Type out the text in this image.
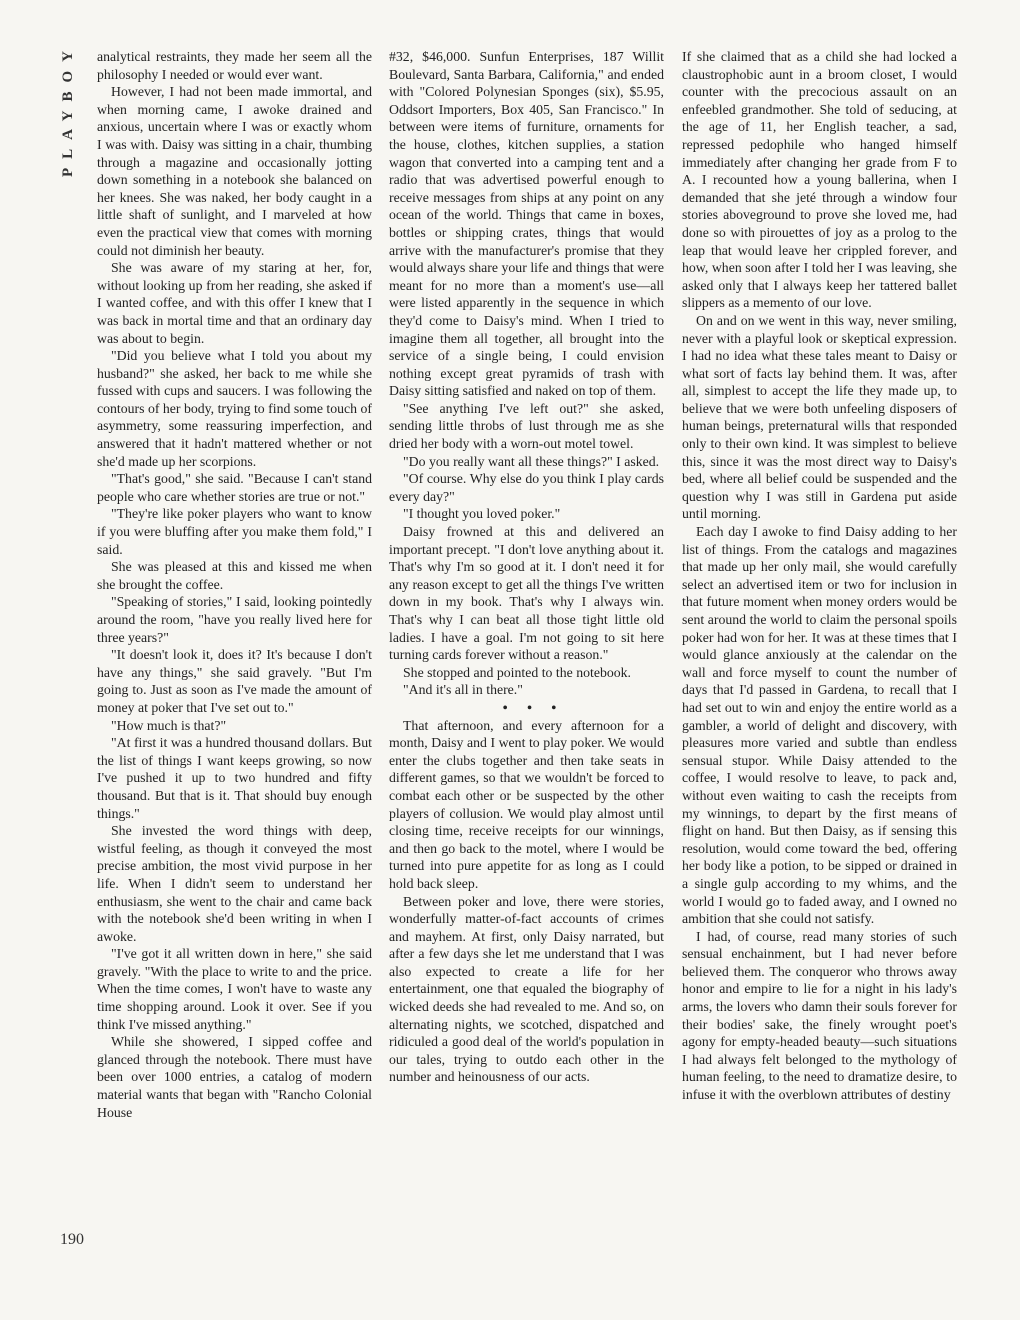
PLAYBOY
190

analytical restraints, they made her seem all the philosophy I needed or would ever want.

However, I had not been made immortal, and when morning came, I awoke drained and anxious, uncertain where I was or exactly whom I was with. Daisy was sitting in a chair, thumbing through a magazine and occasionally jotting down something in a notebook she balanced on her knees. She was naked, her body caught in a little shaft of sunlight, and I marveled at how even the practical view that comes with morning could not diminish her beauty.

She was aware of my staring at her, for, without looking up from her reading, she asked if I wanted coffee, and with this offer I knew that I was back in mortal time and that an ordinary day was about to begin.

"Did you believe what I told you about my husband?" she asked, her back to me while she fussed with cups and saucers. I was following the contours of her body, trying to find some touch of asymmetry, some reassuring imperfection, and answered that it hadn't mattered whether or not she'd made up her scorpions.

"That's good," she said. "Because I can't stand people who care whether stories are true or not."

"They're like poker players who want to know if you were bluffing after you make them fold," I said.

She was pleased at this and kissed me when she brought the coffee.

"Speaking of stories," I said, looking pointedly around the room, "have you really lived here for three years?"

"It doesn't look it, does it? It's because I don't have any things," she said gravely. "But I'm going to. Just as soon as I've made the amount of money at poker that I've set out to."

"How much is that?"

"At first it was a hundred thousand dollars. But the list of things I want keeps growing, so now I've pushed it up to two hundred and fifty thousand. But that is it. That should buy enough things."

She invested the word things with deep, wistful feeling, as though it conveyed the most precise ambition, the most vivid purpose in her life. When I didn't seem to understand her enthusiasm, she went to the chair and came back with the notebook she'd been writing in when I awoke.

"I've got it all written down in here," she said gravely. "With the place to write to and the price. When the time comes, I won't have to waste any time shopping around. Look it over. See if you think I've missed anything."

While she showered, I sipped coffee and glanced through the notebook. There must have been over 1000 entries, a catalog of modern material wants that began with "Rancho Colonial House

#32, $46,000. Sunfun Enterprises, 187 Willit Boulevard, Santa Barbara, California," and ended with "Colored Polynesian Sponges (six), $5.95, Oddsort Importers, Box 405, San Francisco." In between were items of furniture, ornaments for the house, clothes, kitchen supplies, a station wagon that converted into a camping tent and a radio that was advertised powerful enough to receive messages from ships at any point on any ocean of the world. Things that came in boxes, bottles or shipping crates, things that would arrive with the manufacturer's promise that they would always share your life and things that were meant for no more than a moment's use—all were listed apparently in the sequence in which they'd come to Daisy's mind. When I tried to imagine them all together, all brought into the service of a single being, I could envision nothing except great pyramids of trash with Daisy sitting satisfied and naked on top of them.

"See anything I've left out?" she asked, sending little throbs of lust through me as she dried her body with a worn-out motel towel.

"Do you really want all these things?" I asked.

"Of course. Why else do you think I play cards every day?"

"I thought you loved poker."

Daisy frowned at this and delivered an important precept. "I don't love anything about it. That's why I'm so good at it. I don't need it for any reason except to get all the things I've written down in my book. That's why I always win. That's why I can beat all those tight little old ladies. I have a goal. I'm not going to sit here turning cards forever without a reason."

She stopped and pointed to the notebook.

"And it's all in there."

• • •

That afternoon, and every afternoon for a month, Daisy and I went to play poker. We would enter the clubs together and then take seats in different games, so that we wouldn't be forced to combat each other or be suspected by the other players of collusion. We would play almost until closing time, receive receipts for our winnings, and then go back to the motel, where I would be turned into pure appetite for as long as I could hold back sleep.

Between poker and love, there were stories, wonderfully matter-of-fact accounts of crimes and mayhem. At first, only Daisy narrated, but after a few days she let me understand that I was also expected to create a life for her entertainment, one that equaled the biography of wicked deeds she had revealed to me. And so, on alternating nights, we scotched, dispatched and ridiculed a good deal of the world's population in our tales, trying to outdo each other in the number and heinousness of our acts.

If she claimed that as a child she had locked a claustrophobic aunt in a broom closet, I would counter with the precocious assault on an enfeebled grandmother. She told of seducing, at the age of 11, her English teacher, a sad, repressed pedophile who hanged himself immediately after changing her grade from F to A. I recounted how a young ballerina, when I demanded that she jeté through a window four stories aboveground to prove she loved me, had done so with pirouettes of joy as a prolog to the leap that would leave her crippled forever, and how, when soon after I told her I was leaving, she asked only that I always keep her tattered ballet slippers as a memento of our love.

On and on we went in this way, never smiling, never with a playful look or skeptical expression. I had no idea what these tales meant to Daisy or what sort of facts lay behind them. It was, after all, simplest to accept the life they made up, to believe that we were both unfeeling disposers of human beings, preternatural wills that responded only to their own kind. It was simplest to believe this, since it was the most direct way to Daisy's bed, where all belief could be suspended and the question why I was still in Gardena put aside until morning.

Each day I awoke to find Daisy adding to her list of things. From the catalogs and magazines that made up her only mail, she would carefully select an advertised item or two for inclusion in that future moment when money orders would be sent around the world to claim the personal spoils poker had won for her. It was at these times that I would glance anxiously at the calendar on the wall and force myself to count the number of days that I'd passed in Gardena, to recall that I had set out to win and enjoy the entire world as a gambler, a world of delight and discovery, with pleasures more varied and subtle than endless sensual stupor. While Daisy attended to the coffee, I would resolve to leave, to pack and, without even waiting to cash the receipts from my winnings, to depart by the first means of flight on hand. But then Daisy, as if sensing this resolution, would come toward the bed, offering her body like a potion, to be sipped or drained in a single gulp according to my whims, and the world I would go to faded away, and I owned no ambition that she could not satisfy.

I had, of course, read many stories of such sensual enchainment, but I had never before believed them. The conqueror who throws away honor and empire to lie for a night in his lady's arms, the lovers who damn their souls forever for their bodies' sake, the finely wrought poet's agony for empty-headed beauty—such situations I had always felt belonged to the mythology of human feeling, to the need to dramatize desire, to infuse it with the overblown attributes of destiny
